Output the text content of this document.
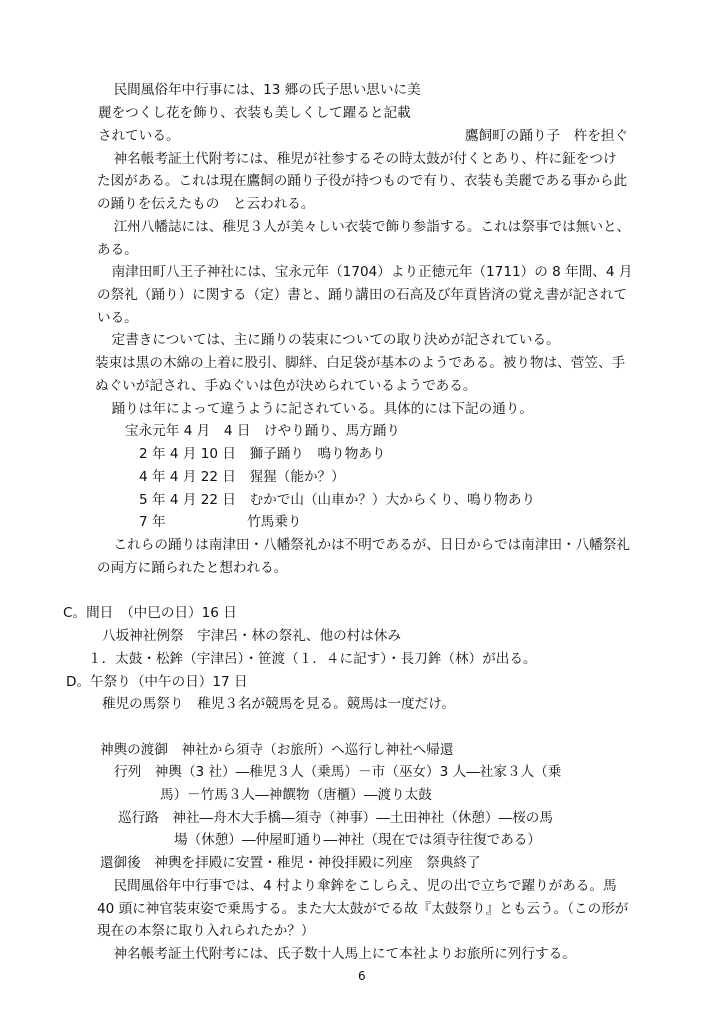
　民間風俗年中行事には、13 郷の氏子思い思いに美
麗をつくし花を飾り、衣装も美しくして躍ると記載
されている。	鷹飼町の踊り子　杵を担ぐ
　神名帳考証土代附考には、稚児が社参するその時太鼓が付くとあり、杵に鉦をつけ
た図がある。これは現在鷹飼の踊り子役が持つもので有り、衣装も美麗である事から此
の踊りを伝えたもの　と云われる。
　江州八幡誌には、稚児３人が美々しい衣装で飾り参詣する。これは祭事では無いと、
ある。
　南津田町八王子神社には、宝永元年（1704）より正徳元年（1711）の 8 年間、4 月
の祭礼（踊り）に関する（定）書と、踊り講田の石高及び年貢皆済の覚え書が記されて
いる。
　定書きについては、主に踊りの装束についての取り決めが記されている。
装束は黒の木綿の上着に股引、脚絆、白足袋が基本のようである。被り物は、菅笠、手
ぬぐいが記され、手ぬぐいは色が決められているようである。
　踊りは年によって違うように記されている。具体的には下記の通り。
宝永元年 4 月　4 日　けやり踊り、馬方踊り
2 年 4 月 10 日　獅子踊り　鳴り物あり
4 年 4 月 22 日　猩猩（能か？）
5 年 4 月 22 日　むかで山（山車か？）大からくり、鳴り物あり
7 年　　　　　　竹馬乗り
　これらの踊りは南津田・八幡祭礼かは不明であるが、日日からでは南津田・八幡祭礼
の両方に踊られたと想われる。
C。間日　（中巳の日）16 日
八坂神社例祭　宇津呂・林の祭礼、他の村は休み
１．太鼓・松鉾（宇津呂）・笹渡（１．４に記す）・長刀鉾（林）が出る。
D。午祭り（中午の日）17 日
稚児の馬祭り　稚児３名が競馬を見る。競馬は一度だけ。
神輿の渡御　神社から須寺（お旅所）へ巡行し神社へ帰還
行列　神輿（3 社）―稚児３人（乗馬）－市（巫女）3 人―社家３人（乗
馬）－竹馬３人―神饌物（唐櫃）―渡り太鼓
巡行路　神社―舟木大手橋―須寺（神事）―土田神社（休憩）―桜の馬
場（休憩）―仲屋町通り―神社（現在では須寺往復である）
還御後　神輿を拝殿に安置・稚児・神役拝殿に列座　祭典終了
　民間風俗年中行事では、4 村より傘鉾をこしらえ、児の出で立ちで躍りがある。馬
40 頭に神官装束姿で乗馬する。また大太鼓がでる故『太鼓祭り』とも云う。（この形が
現在の本祭に取り入れられたか？）
　神名帳考証土代附考には、氏子数十人馬上にて本社よりお旅所に列行する。
6
